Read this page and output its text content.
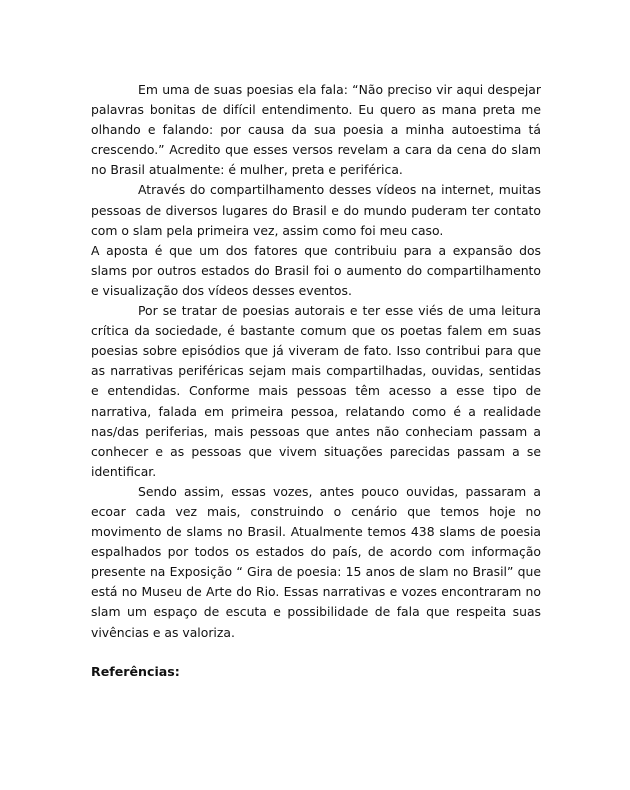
Em uma de suas poesias ela fala: “Não preciso vir aqui despejar palavras bonitas de difícil entendimento. Eu quero as mana preta me olhando e falando: por causa da sua poesia a minha autoestima tá crescendo.” Acredito que esses versos revelam a cara da cena do slam no Brasil atualmente: é mulher, preta e periférica.

Através do compartilhamento desses vídeos na internet, muitas pessoas de diversos lugares do Brasil e do mundo puderam ter contato com o slam pela primeira vez, assim como foi meu caso.

A aposta é que um dos fatores que contribuiu para a expansão dos slams por outros estados do Brasil foi o aumento do compartilhamento e visualização dos vídeos desses eventos.

Por se tratar de poesias autorais e ter esse viés de uma leitura crítica da sociedade, é bastante comum que os poetas falem em suas poesias sobre episódios que já viveram de fato. Isso contribui para que as narrativas periféricas sejam mais compartilhadas, ouvidas, sentidas e entendidas. Conforme mais pessoas têm acesso a esse tipo de narrativa, falada em primeira pessoa, relatando como é a realidade nas/das periferias, mais pessoas que antes não conheciam passam a conhecer e as pessoas que vivem situações parecidas passam a se identificar.

Sendo assim, essas vozes, antes pouco ouvidas, passaram a ecoar cada vez mais, construindo o cenário que temos hoje no movimento de slams no Brasil. Atualmente temos 438 slams de poesia espalhados por todos os estados do país, de acordo com informação presente na Exposição “ Gira de poesia: 15 anos de slam no Brasil” que está no Museu de Arte do Rio. Essas narrativas e vozes encontraram no slam um espaço de escuta e possibilidade de fala que respeita suas vivências e as valoriza.

Referências:
